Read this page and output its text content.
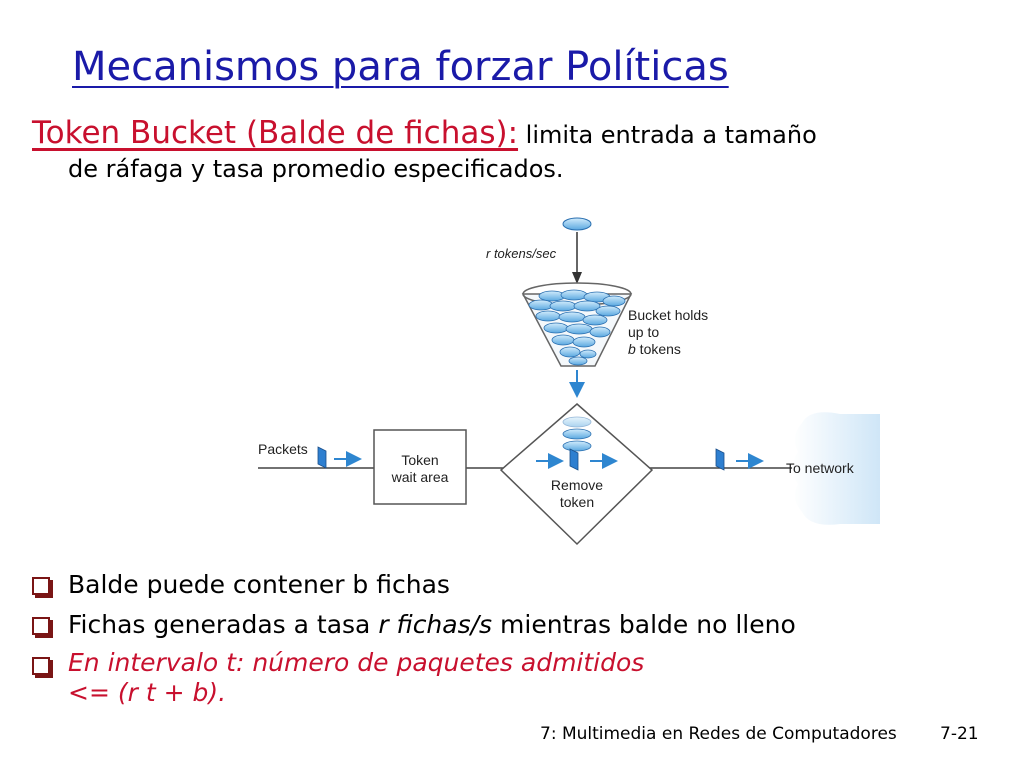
Mecanismos para forzar Políticas
Token Bucket (Balde de fichas): limita entrada a tamaño
de ráfaga y tasa promedio especificados.
r tokens/sec
Bucket holds
up to
b tokens
Remove
token
Token
wait area
Packets
To network
Balde puede contener b fichas
Fichas generadas a tasa r fichas/s mientras balde no lleno
En intervalo t: número de paquetes admitidos
<= (r t + b).
7: Multimedia en Redes de Computadores	7-21
